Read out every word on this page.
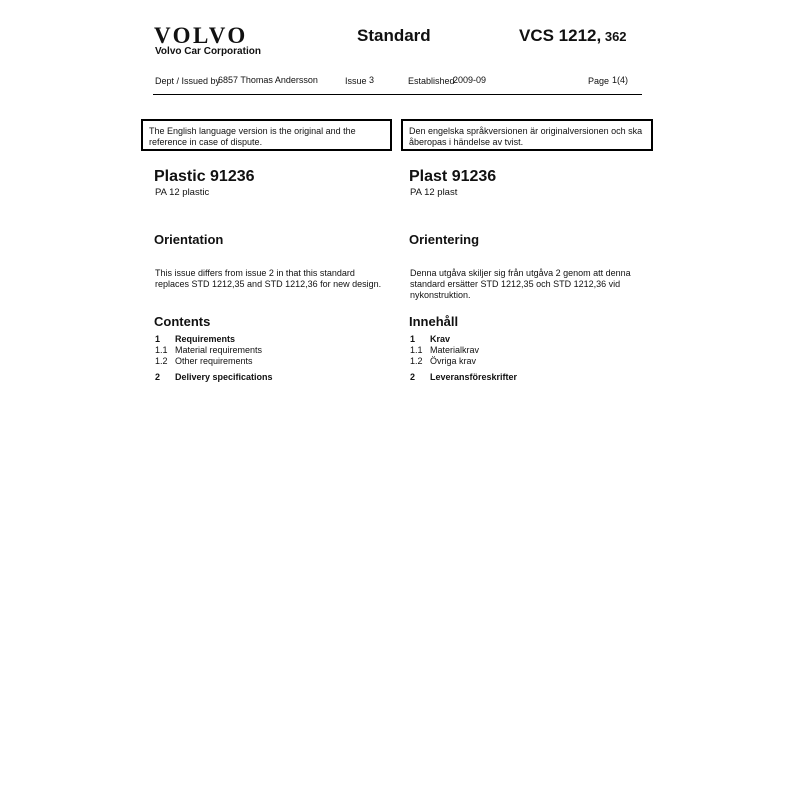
VOLVO
Volvo Car Corporation
Standard	VCS 1212, 362
Dept / Issued by
6857 Thomas Andersson	Issue 3	Established
2009-09	Page 1(4)
The English language version is the original and the reference in case of dispute.
Den engelska språkversionen är originalversionen och ska åberopas i händelse av tvist.
Plastic 91236
PA 12 plastic
Orientation
This issue differs from issue 2 in that this standard replaces STD 1212,35 and STD 1212,36 for new design.
Contents
1 Requirements
1.1 Material requirements
1.2 Other requirements
2 Delivery specifications
Plast 91236
PA 12 plast
Orientering
Denna utgåva skiljer sig från utgåva 2 genom att denna standard ersätter STD 1212,35 och STD 1212,36 vid nykonstruktion.
Innehåll
1 Krav
1.1 Materialkrav
1.2 Övriga krav
2 Leveransföreskrifter
